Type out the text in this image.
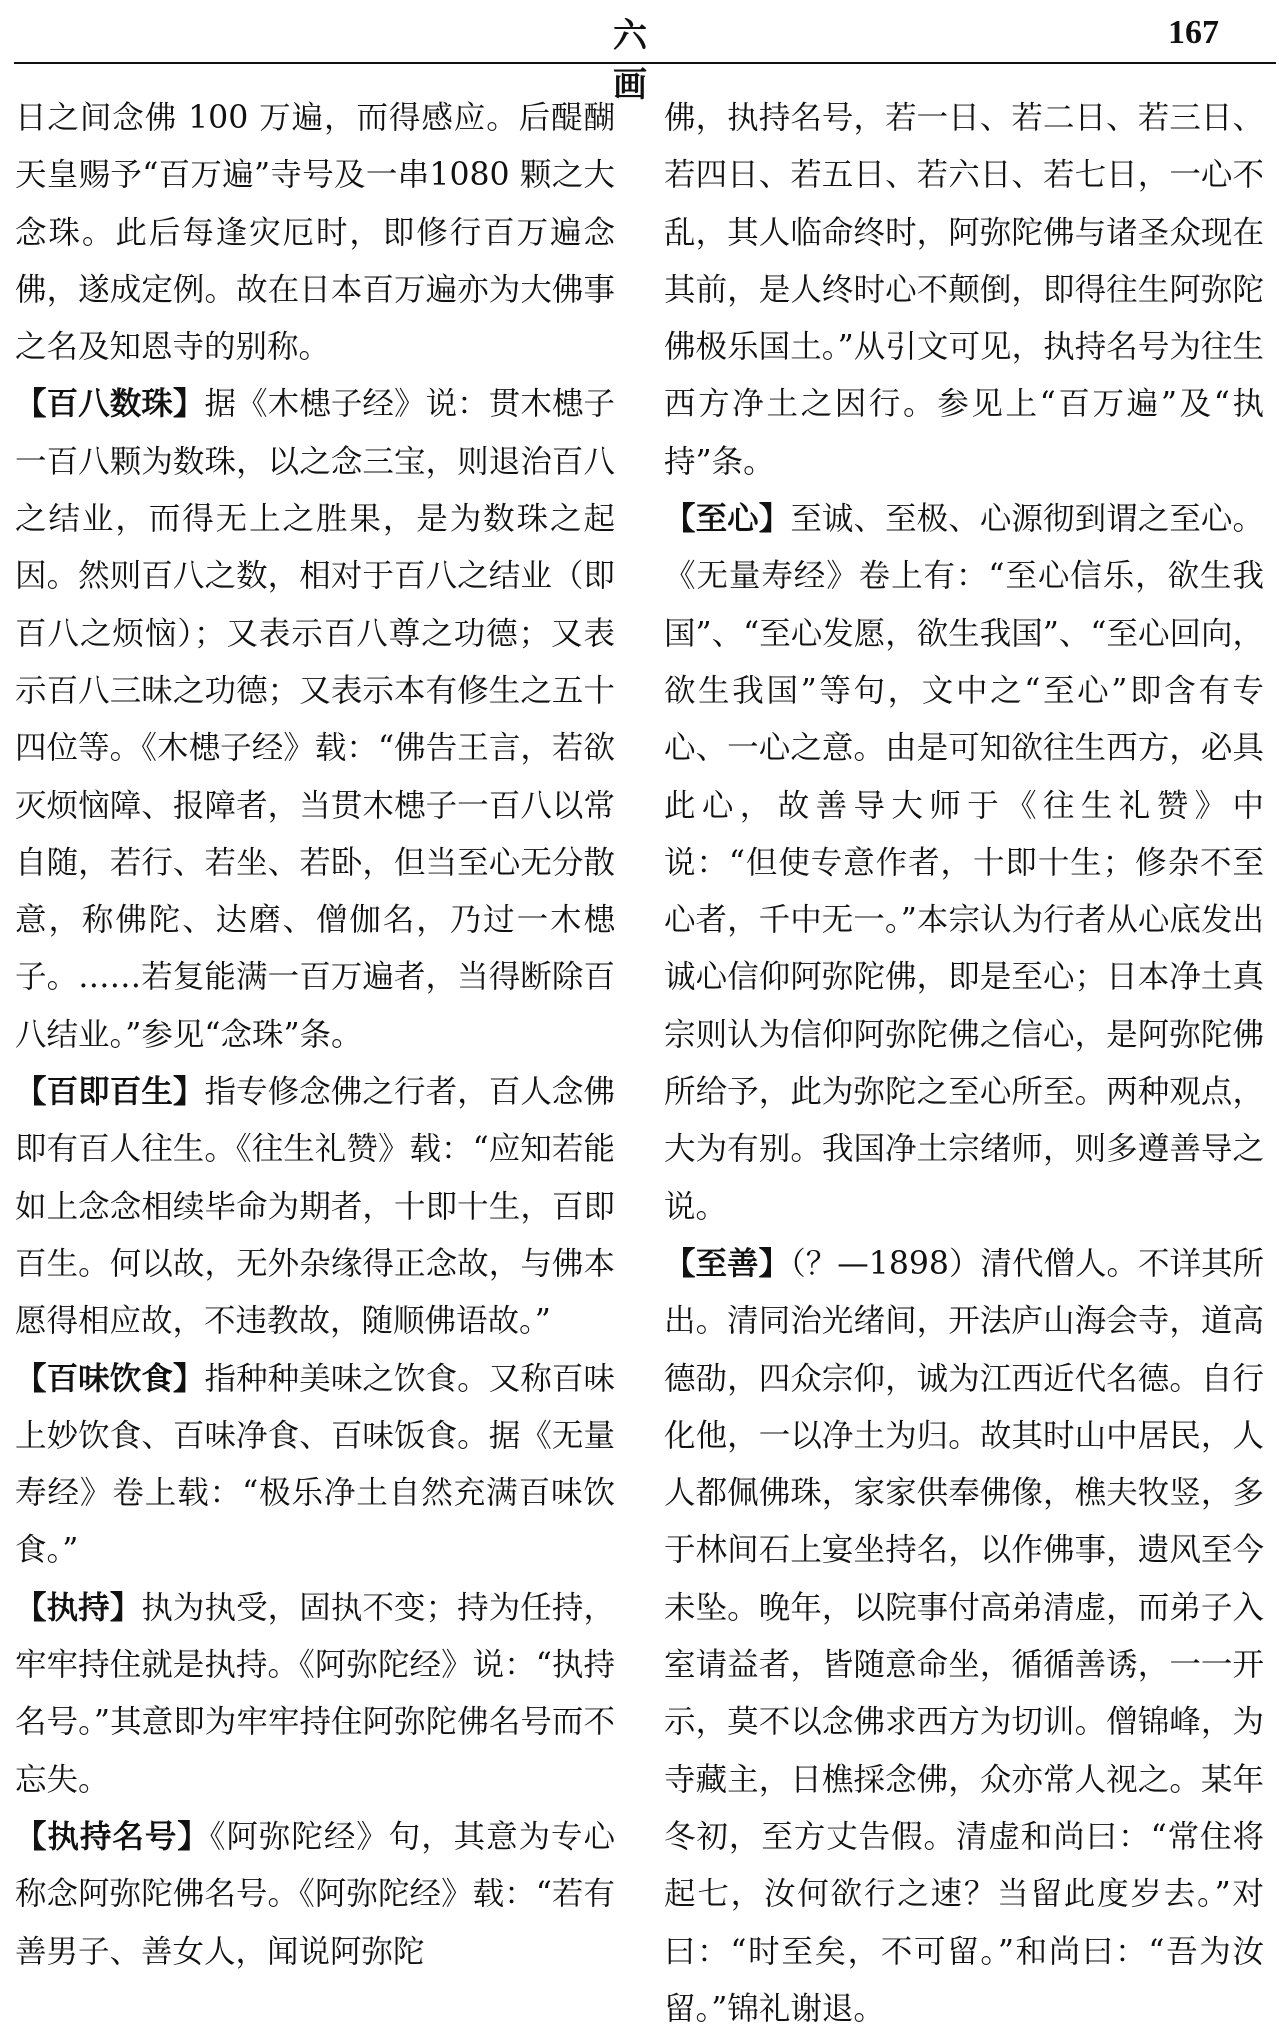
六　画
167

日之间念佛 100 万遍，而得感应。后醍醐天皇赐予“百万遍”寺号及一串1080 颗之大念珠。此后每逢灾厄时，即修行百万遍念佛，遂成定例。故在日本百万遍亦为大佛事之名及知恩寺的别称。

【百八数珠】据《木槵子经》说：贯木槵子一百八颗为数珠，以之念三宝，则退治百八之结业，而得无上之胜果，是为数珠之起因。然则百八之数，相对于百八之结业（即百八之烦恼）；又表示百八尊之功德；又表示百八三昧之功德；又表示本有修生之五十四位等。《木槵子经》载：“佛告王言，若欲灭烦恼障、报障者，当贯木槵子一百八以常自随，若行、若坐、若卧，但当至心无分散意，称佛陀、达磨、僧伽名，乃过一木槵子。……若复能满一百万遍者，当得断除百八结业。”参见“念珠”条。

【百即百生】指专修念佛之行者，百人念佛即有百人往生。《往生礼赞》载：“应知若能如上念念相续毕命为期者，十即十生，百即百生。何以故，无外杂缘得正念故，与佛本愿得相应故，不违教故，随顺佛语故。”

【百味饮食】指种种美味之饮食。又称百味上妙饮食、百味净食、百味饭食。据《无量寿经》卷上载：“极乐净土自然充满百味饮食。”

【执持】执为执受，固执不变；持为任持，牢牢持住就是执持。《阿弥陀经》说：“执持名号。”其意即为牢牢持住阿弥陀佛名号而不忘失。

【执持名号】《阿弥陀经》句，其意为专心称念阿弥陀佛名号。《阿弥陀经》载：“若有善男子、善女人，闻说阿弥陀

佛，执持名号，若一日、若二日、若三日、若四日、若五日、若六日、若七日，一心不乱，其人临命终时，阿弥陀佛与诸圣众现在其前，是人终时心不颠倒，即得往生阿弥陀佛极乐国土。”从引文可见，执持名号为往生西方净土之因行。参见上“百万遍”及“执持”条。

【至心】至诚、至极、心源彻到谓之至心。《无量寿经》卷上有：“至心信乐，欲生我国”、“至心发愿，欲生我国”、“至心回向，欲生我国”等句，文中之“至心”即含有专心、一心之意。由是可知欲往生西方，必具此心，故善导大师于《往生礼赞》中说：“但使专意作者，十即十生；修杂不至心者，千中无一。”本宗认为行者从心底发出诚心信仰阿弥陀佛，即是至心；日本净土真宗则认为信仰阿弥陀佛之信心，是阿弥陀佛所给予，此为弥陀之至心所至。两种观点，大为有别。我国净土宗绪师，则多遵善导之说。

【至善】（？—1898）清代僧人。不详其所出。清同治光绪间，开法庐山海会寺，道高德劭，四众宗仰，诚为江西近代名德。自行化他，一以净土为归。故其时山中居民，人人都佩佛珠，家家供奉佛像，樵夫牧竖，多于林间石上宴坐持名，以作佛事，遗风至今未坠。晚年，以院事付高弟清虚，而弟子入室请益者，皆随意命坐，循循善诱，一一开示，莫不以念佛求西方为切训。僧锦峰，为寺藏主，日樵採念佛，众亦常人视之。某年冬初，至方丈告假。清虚和尚曰：“常住将起七，汝何欲行之速？当留此度岁去。”对曰：“时至矣，不可留。”和尚曰：“吾为汝留。”锦礼谢退。
